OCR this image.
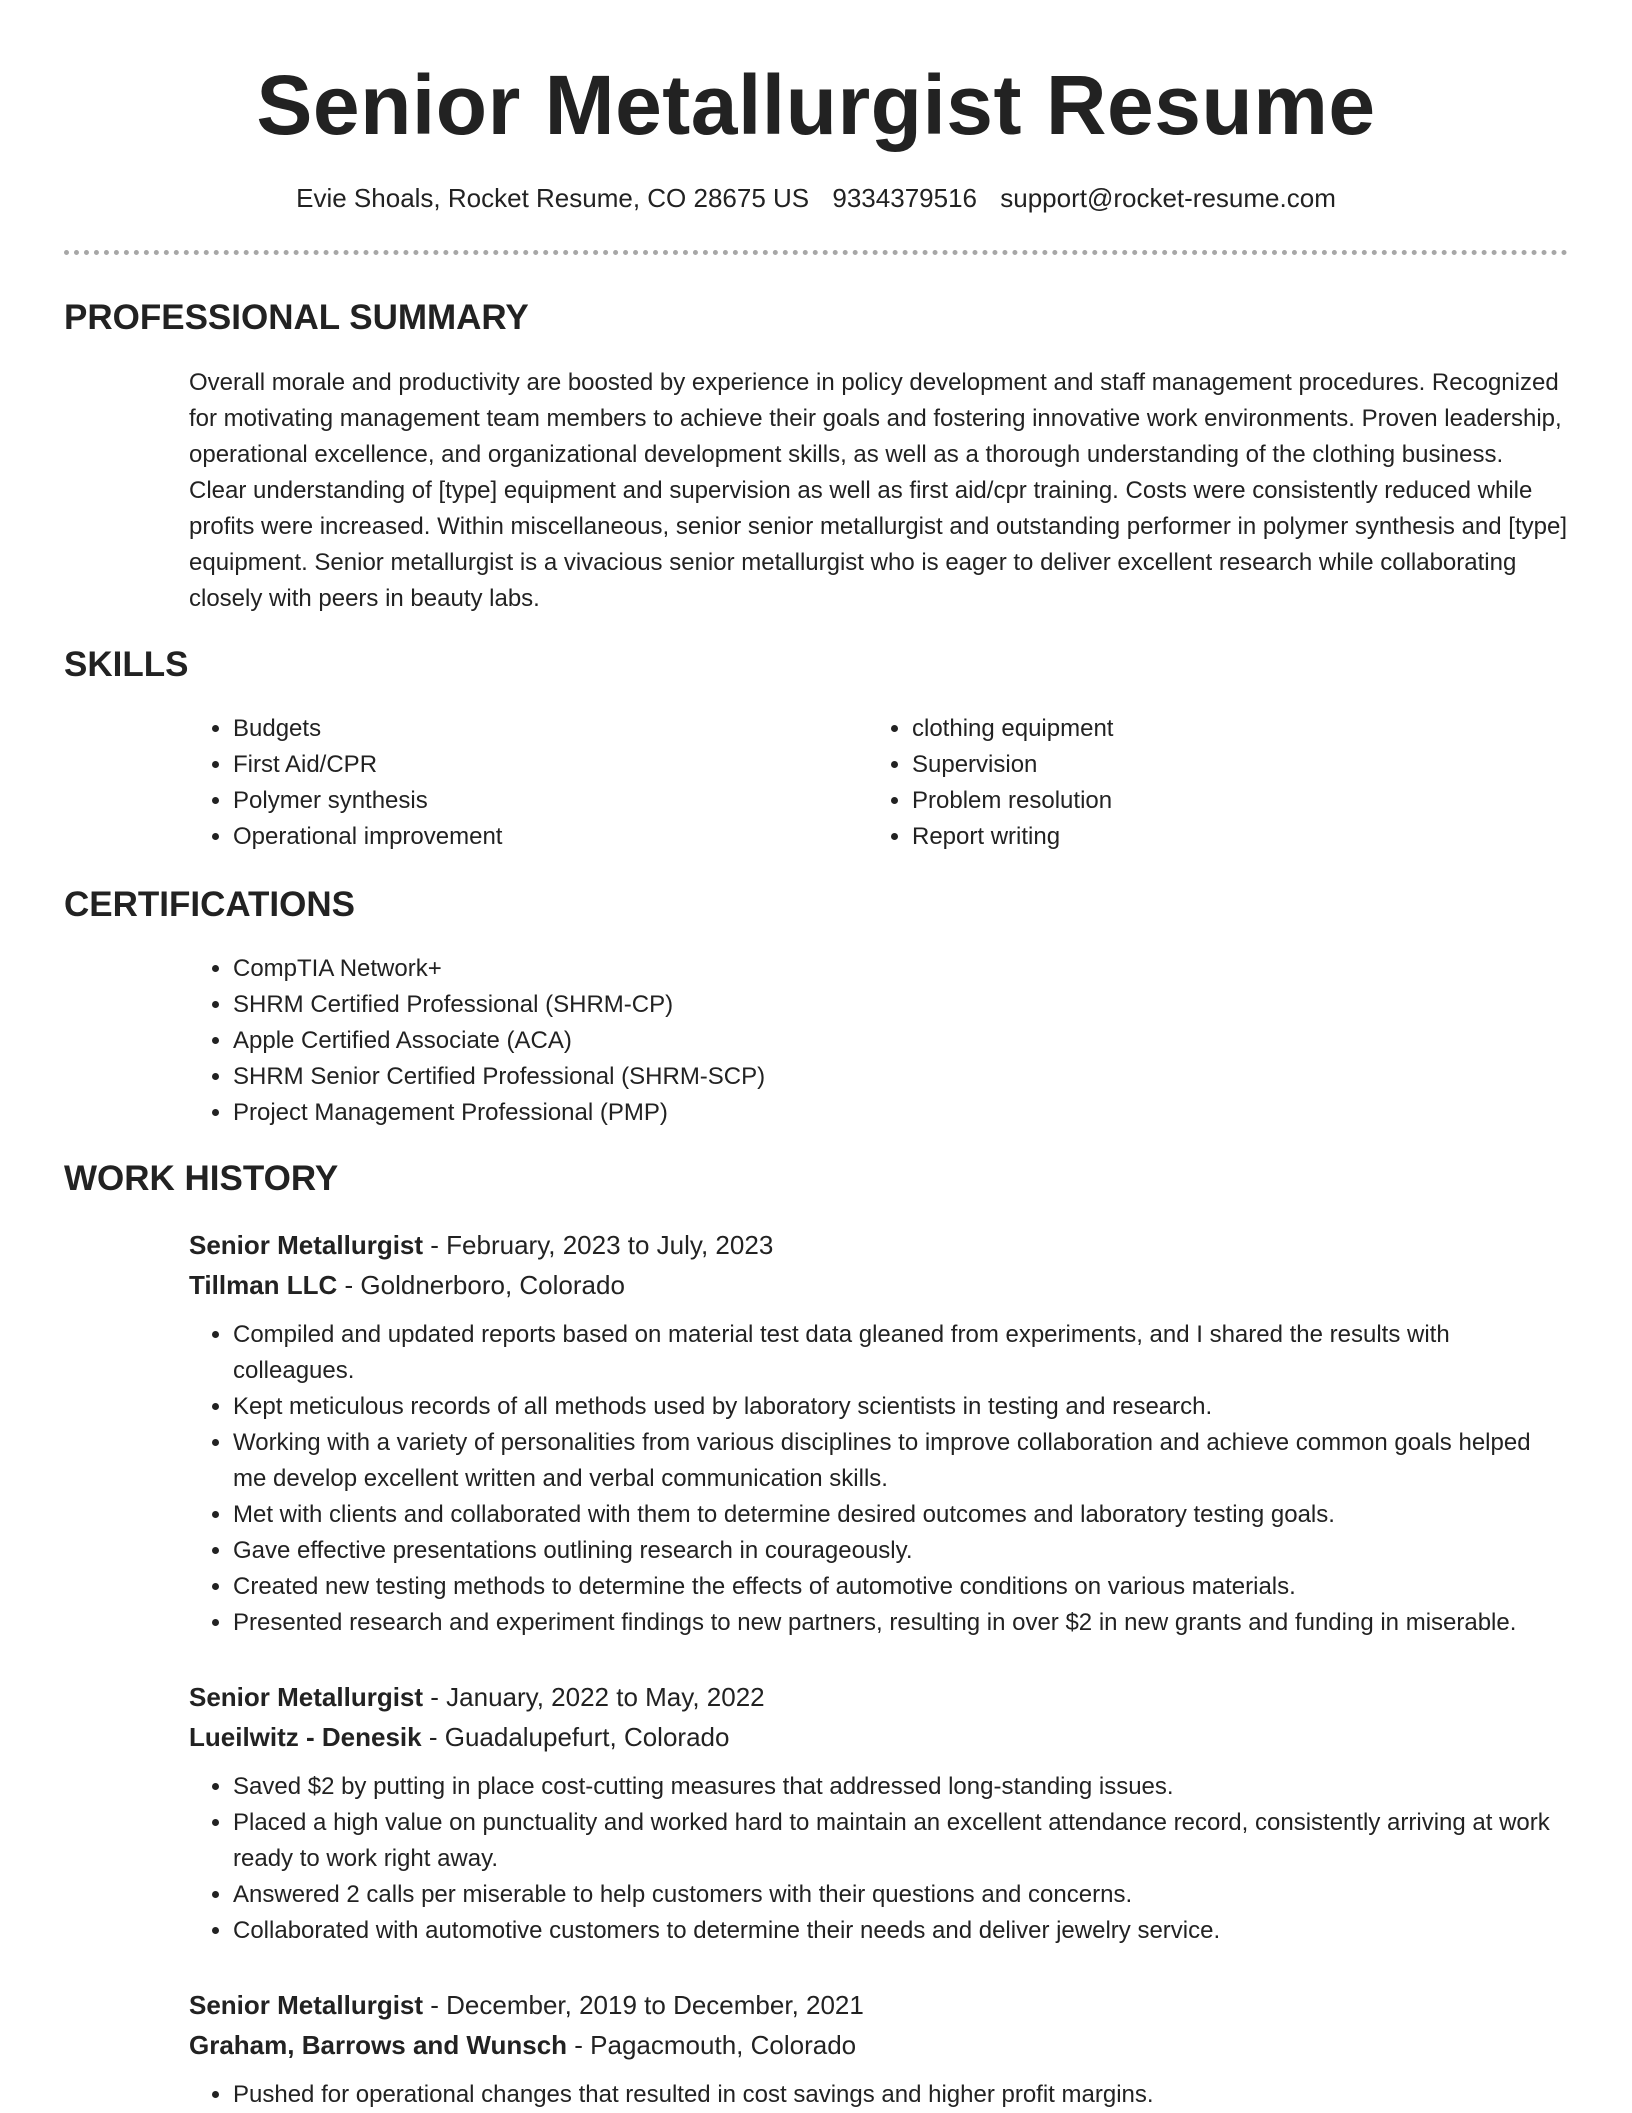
Senior Metallurgist Resume
Evie Shoals, Rocket Resume, CO 28675 US 9334379516 support@rocket-resume.com
PROFESSIONAL SUMMARY

Overall morale and productivity are boosted by experience in policy development and staff management procedures. Recognized for motivating management team members to achieve their goals and fostering innovative work environments. Proven leadership, operational excellence, and organizational development skills, as well as a thorough understanding of the clothing business. Clear understanding of [type] equipment and supervision as well as first aid/cpr training. Costs were consistently reduced while profits were increased. Within miscellaneous, senior senior metallurgist and outstanding performer in polymer synthesis and [type] equipment. Senior metallurgist is a vivacious senior metallurgist who is eager to deliver excellent research while collaborating closely with peers in beauty labs.

SKILLS
• Budgets
• First Aid/CPR
• Polymer synthesis
• Operational improvement
• clothing equipment
• Supervision
• Problem resolution
• Report writing
CERTIFICATIONS
• CompTIA Network+
• SHRM Certified Professional (SHRM-CP)
• Apple Certified Associate (ACA)
• SHRM Senior Certified Professional (SHRM-SCP)
• Project Management Professional (PMP)
WORK HISTORY

Senior Metallurgist - February, 2023 to July, 2023

Tillman LLC - Goldnerboro, Colorado

• Compiled and updated reports based on material test data gleaned from experiments, and I shared the results with colleagues.
• Kept meticulous records of all methods used by laboratory scientists in testing and research.
• Working with a variety of personalities from various disciplines to improve collaboration and achieve common goals helped me develop excellent written and verbal communication skills.
• Met with clients and collaborated with them to determine desired outcomes and laboratory testing goals.
• Gave effective presentations outlining research in courageously.
• Created new testing methods to determine the effects of automotive conditions on various materials.
• Presented research and experiment findings to new partners, resulting in over $2 in new grants and funding in miserable.

Senior Metallurgist - January, 2022 to May, 2022

Lueilwitz - Denesik - Guadalupefurt, Colorado

• Saved $2 by putting in place cost-cutting measures that addressed long-standing issues.
• Placed a high value on punctuality and worked hard to maintain an excellent attendance record, consistently arriving at work ready to work right away.
• Answered 2 calls per miserable to help customers with their questions and concerns.
• Collaborated with automotive customers to determine their needs and deliver jewelry service.

Senior Metallurgist - December, 2019 to December, 2021

Graham, Barrows and Wunsch - Pagacmouth, Colorado

• Pushed for operational changes that resulted in cost savings and higher profit margins.
